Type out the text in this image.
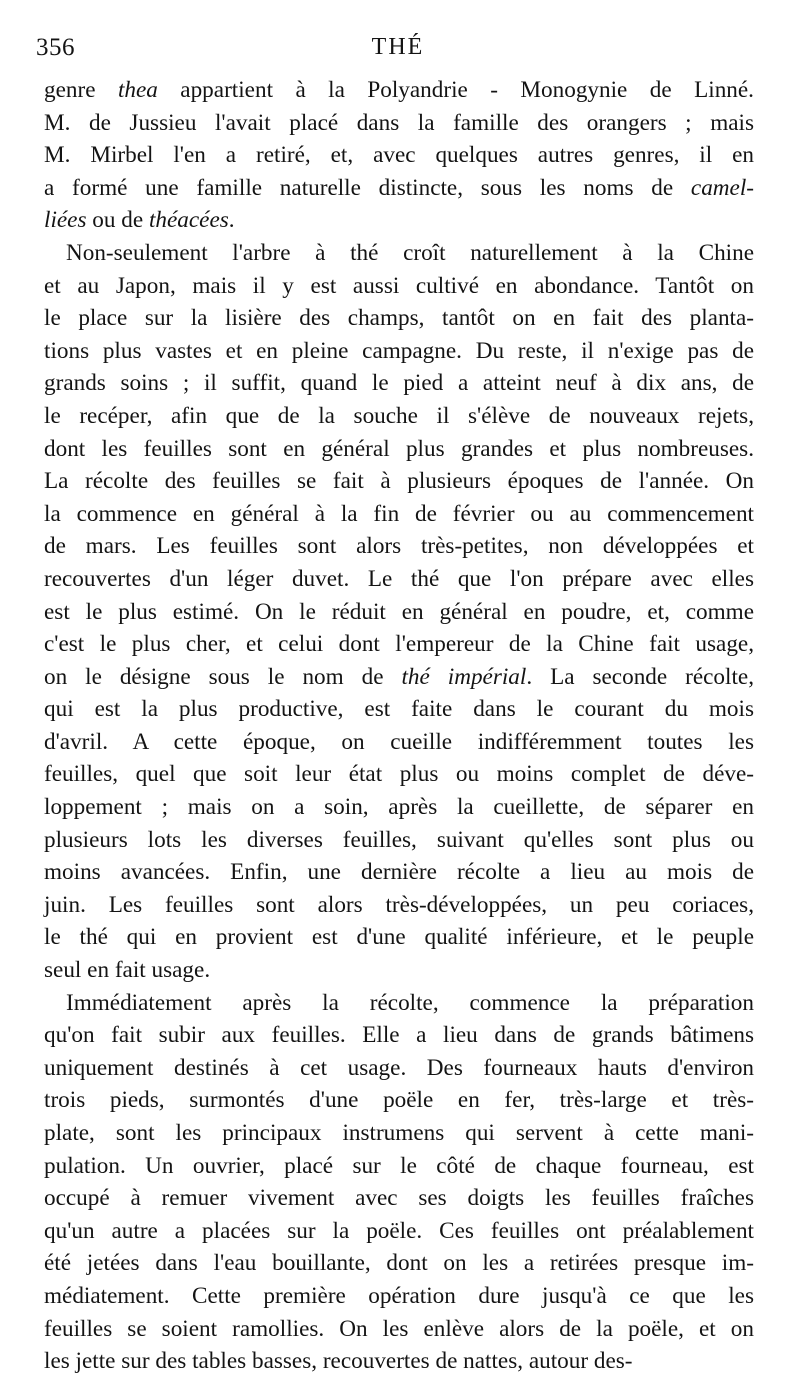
356	THÉ
genre thea appartient à la Polyandrie - Monogynie de Linné.
M. de Jussieu l'avait placé dans la famille des orangers ; mais
M. Mirbel l'en a retiré, et, avec quelques autres genres, il en
a formé une famille naturelle distincte, sous les noms de camel-
liées ou de théacées.
Non-seulement l'arbre à thé croît naturellement à la Chine
et au Japon, mais il y est aussi cultivé en abondance. Tantôt on
le place sur la lisière des champs, tantôt on en fait des planta-
tions plus vastes et en pleine campagne. Du reste, il n'exige pas de
grands soins ; il suffit, quand le pied a atteint neuf à dix ans, de
le recéper, afin que de la souche il s'élève de nouveaux rejets,
dont les feuilles sont en général plus grandes et plus nombreuses.
La récolte des feuilles se fait à plusieurs époques de l'année. On
la commence en général à la fin de février ou au commencement
de mars. Les feuilles sont alors très-petites, non développées et
recouvertes d'un léger duvet. Le thé que l'on prépare avec elles
est le plus estimé. On le réduit en général en poudre, et, comme
c'est le plus cher, et celui dont l'empereur de la Chine fait usage,
on le désigne sous le nom de thé impérial. La seconde récolte,
qui est la plus productive, est faite dans le courant du mois
d'avril. A cette époque, on cueille indifféremment toutes les
feuilles, quel que soit leur état plus ou moins complet de déve-
loppement ; mais on a soin, après la cueillette, de séparer en
plusieurs lots les diverses feuilles, suivant qu'elles sont plus ou
moins avancées. Enfin, une dernière récolte a lieu au mois de
juin. Les feuilles sont alors très-développées, un peu coriaces,
le thé qui en provient est d'une qualité inférieure, et le peuple
seul en fait usage.
Immédiatement après la récolte, commence la préparation
qu'on fait subir aux feuilles. Elle a lieu dans de grands bâtimens
uniquement destinés à cet usage. Des fourneaux hauts d'environ
trois pieds, surmontés d'une poële en fer, très-large et très-
plate, sont les principaux instrumens qui servent à cette mani-
pulation. Un ouvrier, placé sur le côté de chaque fourneau, est
occupé à remuer vivement avec ses doigts les feuilles fraîches
qu'un autre a placées sur la poële. Ces feuilles ont préalablement
été jetées dans l'eau bouillante, dont on les a retirées presque im-
médiatement. Cette première opération dure jusqu'à ce que les
feuilles se soient ramollies. On les enlève alors de la poële, et on
les jette sur des tables basses, recouvertes de nattes, autour des-
